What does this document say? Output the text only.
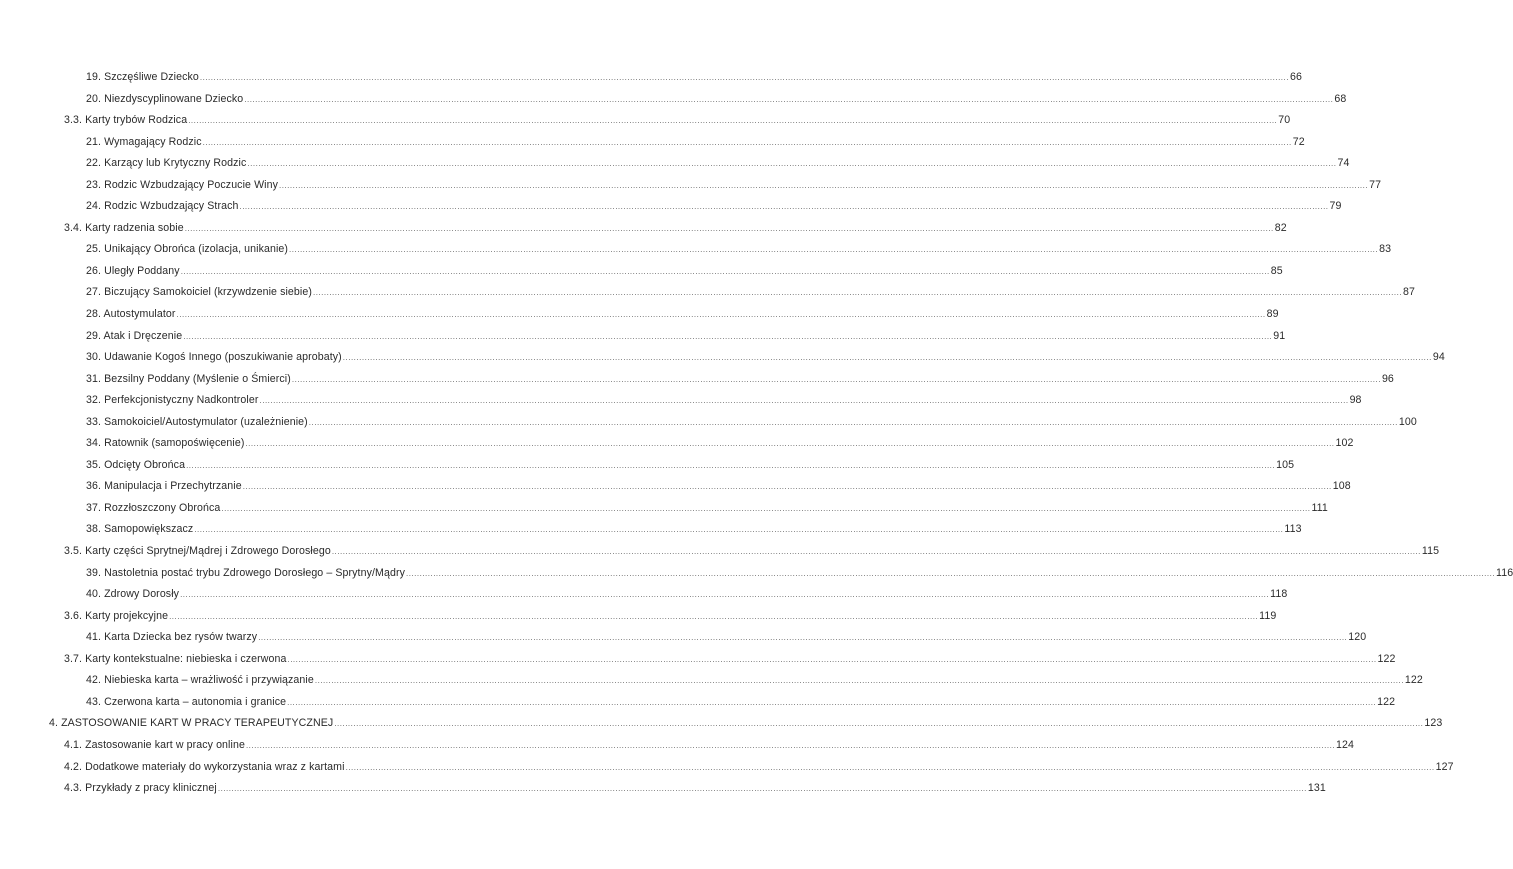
19. Szczęśliwe Dziecko ................................................................................................................................................................................................................................................................................................................................................................................................................ 66
20. Niezdyscyplinowane Dziecko ................................................................................................................................................................................................................................................................................................................................................................................................................ 68
3.3. Karty trybów Rodzica ................................................................................................................................................................................................................................................................................................................................................................................................................ 70
21. Wymagający Rodzic ................................................................................................................................................................................................................................................................................................................................................................................................................ 72
22. Karzący lub Krytyczny Rodzic ................................................................................................................................................................................................................................................................................................................................................................................................................ 74
23. Rodzic Wzbudzający Poczucie Winy ................................................................................................................................................................................................................................................................................................................................................................................................................ 77
24. Rodzic Wzbudzający Strach ................................................................................................................................................................................................................................................................................................................................................................................................................ 79
3.4. Karty radzenia sobie ................................................................................................................................................................................................................................................................................................................................................................................................................ 82
25. Unikający Obrońca (izolacja, unikanie) ................................................................................................................................................................................................................................................................................................................................................................................................................ 83
26. Uległy Poddany ................................................................................................................................................................................................................................................................................................................................................................................................................ 85
27. Biczujący Samokoiciel (krzywdzenie siebie) ................................................................................................................................................................................................................................................................................................................................................................................................................ 87
28. Autostymulator ................................................................................................................................................................................................................................................................................................................................................................................................................ 89
29. Atak i Dręczenie ................................................................................................................................................................................................................................................................................................................................................................................................................ 91
30. Udawanie Kogoś Innego (poszukiwanie aprobaty) ................................................................................................................................................................................................................................................................................................................................................................................................................ 94
31. Bezsilny Poddany (Myślenie o Śmierci) ................................................................................................................................................................................................................................................................................................................................................................................................................ 96
32. Perfekcjonistyczny Nadkontroler ................................................................................................................................................................................................................................................................................................................................................................................................................ 98
33. Samokoiciel/Autostymulator (uzależnienie) ................................................................................................................................................................................................................................................................................................................................................................................................................ 100
34. Ratownik (samopoświęcenie) ................................................................................................................................................................................................................................................................................................................................................................................................................ 102
35. Odcięty Obrońca ................................................................................................................................................................................................................................................................................................................................................................................................................ 105
36. Manipulacja i Przechytrzanie ................................................................................................................................................................................................................................................................................................................................................................................................................ 108
37. Rozzłoszczony Obrońca ................................................................................................................................................................................................................................................................................................................................................................................................................ 111
38. Samopowiększacz ................................................................................................................................................................................................................................................................................................................................................................................................................ 113
3.5. Karty części Sprytnej/Mądrej i Zdrowego Dorosłego ................................................................................................................................................................................................................................................................................................................................................................................................................ 115
39. Nastoletnia postać trybu Zdrowego Dorosłego – Sprytny/Mądry ................................................................................................................................................................................................................................................................................................................................................................................................................ 116
40. Zdrowy Dorosły ................................................................................................................................................................................................................................................................................................................................................................................................................ 118
3.6. Karty projekcyjne ................................................................................................................................................................................................................................................................................................................................................................................................................ 119
41. Karta Dziecka bez rysów twarzy ................................................................................................................................................................................................................................................................................................................................................................................................................ 120
3.7. Karty kontekstualne: niebieska i czerwona ................................................................................................................................................................................................................................................................................................................................................................................................................ 122
42. Niebieska karta – wrażliwość i przywiązanie ................................................................................................................................................................................................................................................................................................................................................................................................................ 122
43. Czerwona karta – autonomia i granice ................................................................................................................................................................................................................................................................................................................................................................................................................ 122
4. ZASTOSOWANIE KART W PRACY TERAPEUTYCZNEJ ................................................................................................................................................................................................................................................................................................................................................................................................................ 123
4.1. Zastosowanie kart w pracy online ................................................................................................................................................................................................................................................................................................................................................................................................................ 124
4.2. Dodatkowe materiały do wykorzystania wraz z kartami ................................................................................................................................................................................................................................................................................................................................................................................................................ 127
4.3. Przykłady z pracy klinicznej ................................................................................................................................................................................................................................................................................................................................................................................................................ 131
